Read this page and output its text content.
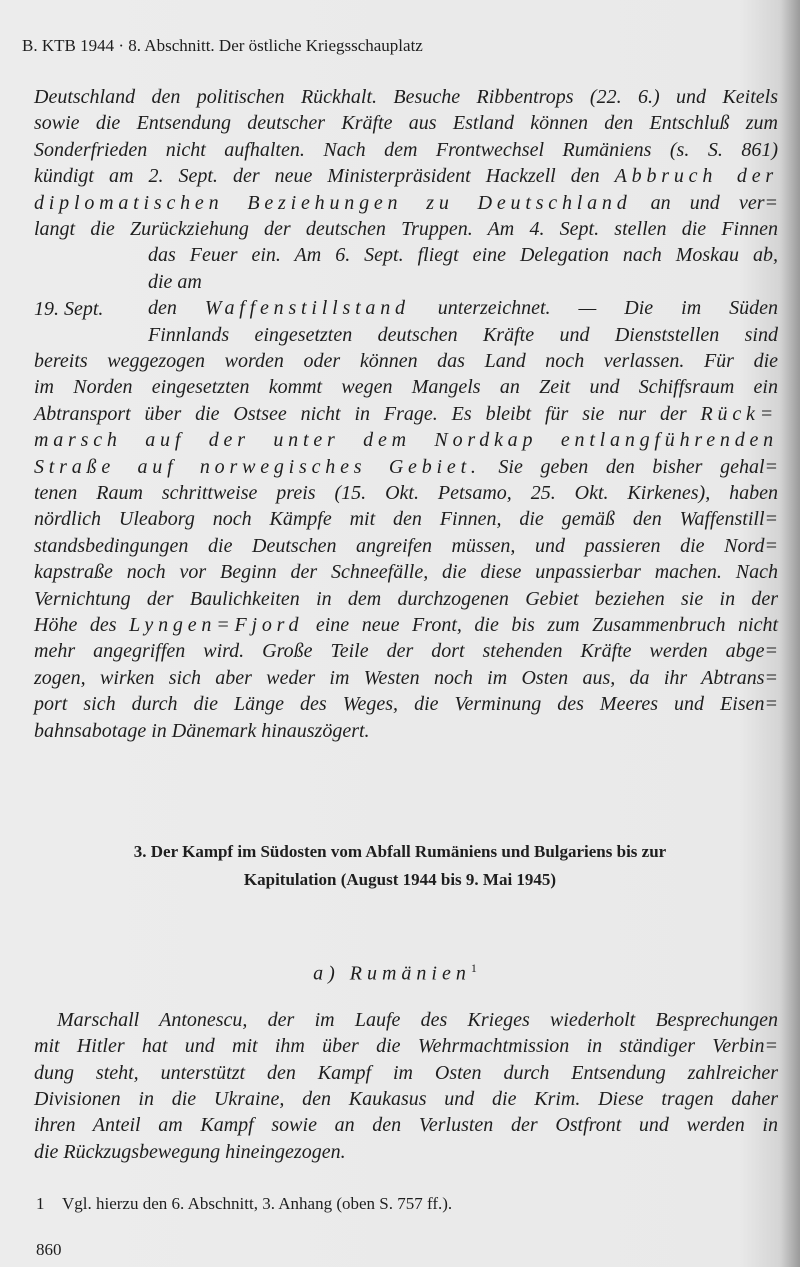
B. KTB 1944 · 8. Abschnitt. Der östliche Kriegsschauplatz
Deutschland den politischen Rückhalt. Besuche Ribbentrops (22. 6.) und Keitels
sowie die Entsendung deutscher Kräfte aus Estland können den Entschluß zum
Sonderfrieden nicht aufhalten. Nach dem Frontwechsel Rumäniens (s. S. 861)
kündigt am 2. Sept. der neue Ministerpräsident Hackzell den Abbruch der
diplomatischen Beziehungen zu Deutschland an und ver=
langt die Zurückziehung der deutschen Truppen. Am 4. Sept. stellen die Finnen
das Feuer ein. Am 6. Sept. fliegt eine Delegation nach Moskau ab,
die am
den Waffenstillstand unterzeichnet. — Die im Süden
Finnlands eingesetzten deutschen Kräfte und Dienststellen sind
bereits weggezogen worden oder können das Land noch verlassen. Für die
im Norden eingesetzten kommt wegen Mangels an Zeit und Schiffsraum ein
Abtransport über die Ostsee nicht in Frage. Es bleibt für sie nur der Rück=
marsch auf der unter dem Nordkap entlangführenden
Straße auf norwegisches Gebiet. Sie geben den bisher gehal=
tenen Raum schrittweise preis (15. Okt. Petsamo, 25. Okt. Kirkenes), haben
nördlich Uleaborg noch Kämpfe mit den Finnen, die gemäß den Waffenstill=
standsbedingungen die Deutschen angreifen müssen, und passieren die Nord=
kapstraße noch vor Beginn der Schneefälle, die diese unpassierbar machen. Nach
Vernichtung der Baulichkeiten in dem durchzogenen Gebiet beziehen sie in der
Höhe des Lyngen=Fjord eine neue Front, die bis zum Zusammenbruch nicht
mehr angegriffen wird. Große Teile der dort stehenden Kräfte werden abge=
zogen, wirken sich aber weder im Westen noch im Osten aus, da ihr Abtrans=
port sich durch die Länge des Weges, die Verminung des Meeres und Eisen=
bahnsabotage in Dänemark hinauszögert.
19. Sept.
3. Der Kampf im Südosten vom Abfall Rumäniens und Bulgariens bis zur
Kapitulation (August 1944 bis 9. Mai 1945)
a) Rumänien$^1$
Marschall Antonescu, der im Laufe des Krieges wiederholt Besprechungen
mit Hitler hat und mit ihm über die Wehrmachtmission in ständiger Verbin=
dung steht, unterstützt den Kampf im Osten durch Entsendung zahlreicher
Divisionen in die Ukraine, den Kaukasus und die Krim. Diese tragen daher
ihren Anteil am Kampf sowie an den Verlusten der Ostfront und werden in
die Rückzugsbewegung hineingezogen.
1 Vgl. hierzu den 6. Abschnitt, 3. Anhang (oben S. 757 ff.).
860
